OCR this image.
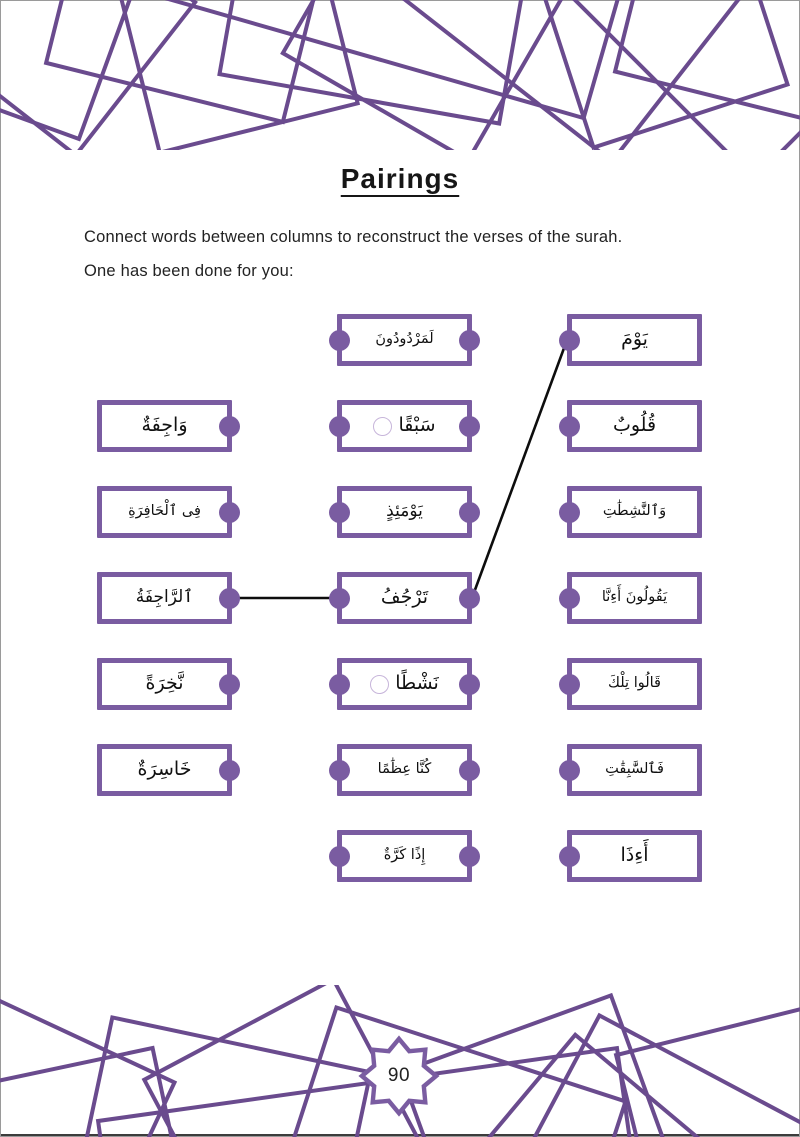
Pairings
Connect words between columns to reconstruct the verses of the surah.
One has been done for you:
وَاجِفَةٌ
فِى ٱلْحَافِرَةِ
ٱلرَّاجِفَةُ
نَّخِرَةً
خَاسِرَةٌ
لَمَرْدُودُونَ
سَبْقًا
يَوْمَئِذٍ
تَرْجُفُ
نَشْطًا
كُنَّا عِظَٰمًا
إِذًا كَرَّةٌ
يَوْمَ
قُلُوبٌ
وَٱلنَّٰشِطَٰتِ
يَقُولُونَ أَءِنَّا
قَالُوا تِلْكَ
فَٱلسَّٰبِقَٰتِ
أَءِذَا
90
